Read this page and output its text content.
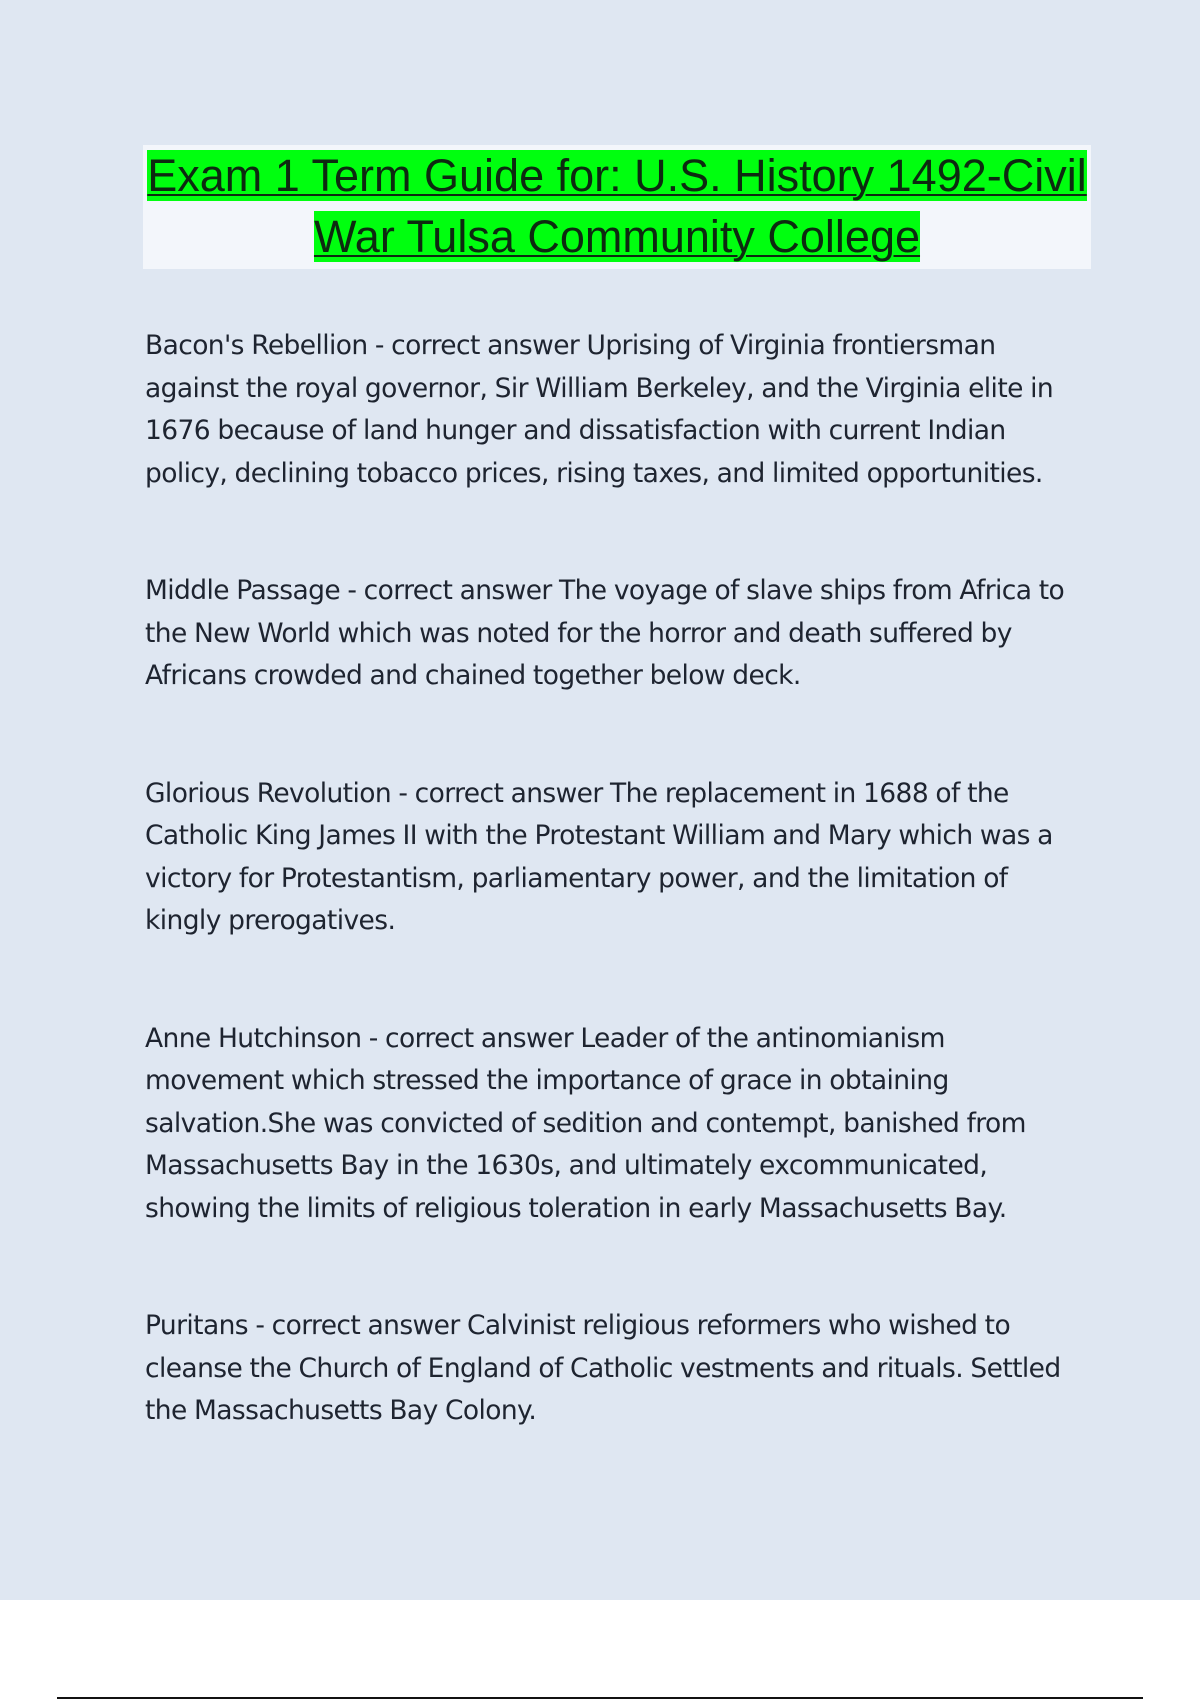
Exam 1 Term Guide for: U.S. History 1492-Civil War Tulsa Community College

Bacon's Rebellion - correct answer Uprising of Virginia frontiersman against the royal governor, Sir William Berkeley, and the Virginia elite in 1676 because of land hunger and dissatisfaction with current Indian policy, declining tobacco prices, rising taxes, and limited opportunities.

Middle Passage - correct answer The voyage of slave ships from Africa to the New World which was noted for the horror and death suffered by Africans crowded and chained together below deck.

Glorious Revolution - correct answer The replacement in 1688 of the Catholic King James II with the Protestant William and Mary which was a victory for Protestantism, parliamentary power, and the limitation of kingly prerogatives.

Anne Hutchinson - correct answer Leader of the antinomianism movement which stressed the importance of grace in obtaining salvation.She was convicted of sedition and contempt, banished from Massachusetts Bay in the 1630s, and ultimately excommunicated, showing the limits of religious toleration in early Massachusetts Bay.

Puritans - correct answer Calvinist religious reformers who wished to cleanse the Church of England of Catholic vestments and rituals. Settled the Massachusetts Bay Colony.
